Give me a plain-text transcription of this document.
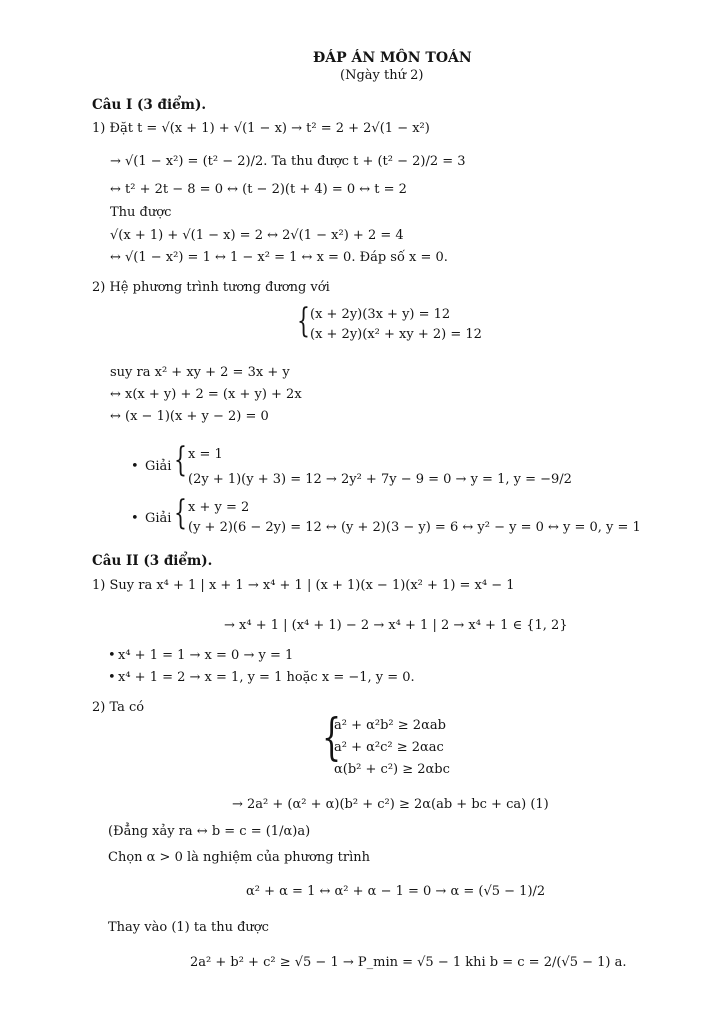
ĐÁP ÁN MÔN TOÁN
(Ngày thứ 2)
Câu I (3 điểm).
1) Đặt t = √(x + 1) + √(1 − x) → t² = 2 + 2√(1 − x²)
→ √(1 − x²) = (t² − 2)/2. Ta thu được t + (t² − 2)/2 = 3
↔ t² + 2t − 8 = 0 ↔ (t − 2)(t + 4) = 0 ↔ t = 2
Thu được
√(x + 1) + √(1 − x) = 2 ↔ 2√(1 − x²) + 2 = 4
↔ √(1 − x²) = 1 ↔ 1 − x² = 1 ↔ x = 0. Đáp số x = 0.
2) Hệ phương trình tương đương với
{ (x + 2y)(3x + y) = 12
(x + 2y)(x² + xy + 2) = 12
suy ra x² + xy + 2 = 3x + y
↔ x(x + y) + 2 = (x + y) + 2x
↔ (x − 1)(x + y − 2) = 0
• Giải { x = 1
(2y + 1)(y + 3) = 12 → 2y² + 7y − 9 = 0 → y = 1, y = −9/2
• Giải { x + y = 2
(y + 2)(6 − 2y) = 12 ↔ (y + 2)(3 − y) = 6 ↔ y² − y = 0 ↔ y = 0, y = 1
Câu II (3 điểm).
1) Suy ra x⁴ + 1 | x + 1 → x⁴ + 1 | (x + 1)(x − 1)(x² + 1) = x⁴ − 1
→ x⁴ + 1 | (x⁴ + 1) − 2 → x⁴ + 1 | 2 → x⁴ + 1 ∈ {1, 2}
• x⁴ + 1 = 1 → x = 0 → y = 1
• x⁴ + 1 = 2 → x = 1, y = 1 hoặc x = −1, y = 0.
2) Ta có
{
a² + α²b² ≥ 2αab
a² + α²c² ≥ 2αac
α(b² + c²) ≥ 2αbc
→ 2a² + (α² + α)(b² + c²) ≥ 2α(ab + bc + ca) (1)
(Đẳng xảy ra ↔ b = c = (1/α)a)
Chọn α > 0 là nghiệm của phương trình
α² + α = 1 ↔ α² + α − 1 = 0 → α = (√5 − 1)/2
Thay vào (1) ta thu được
2a² + b² + c² ≥ √5 − 1 → P_min = √5 − 1 khi b = c = 2/(√5 − 1) a.
